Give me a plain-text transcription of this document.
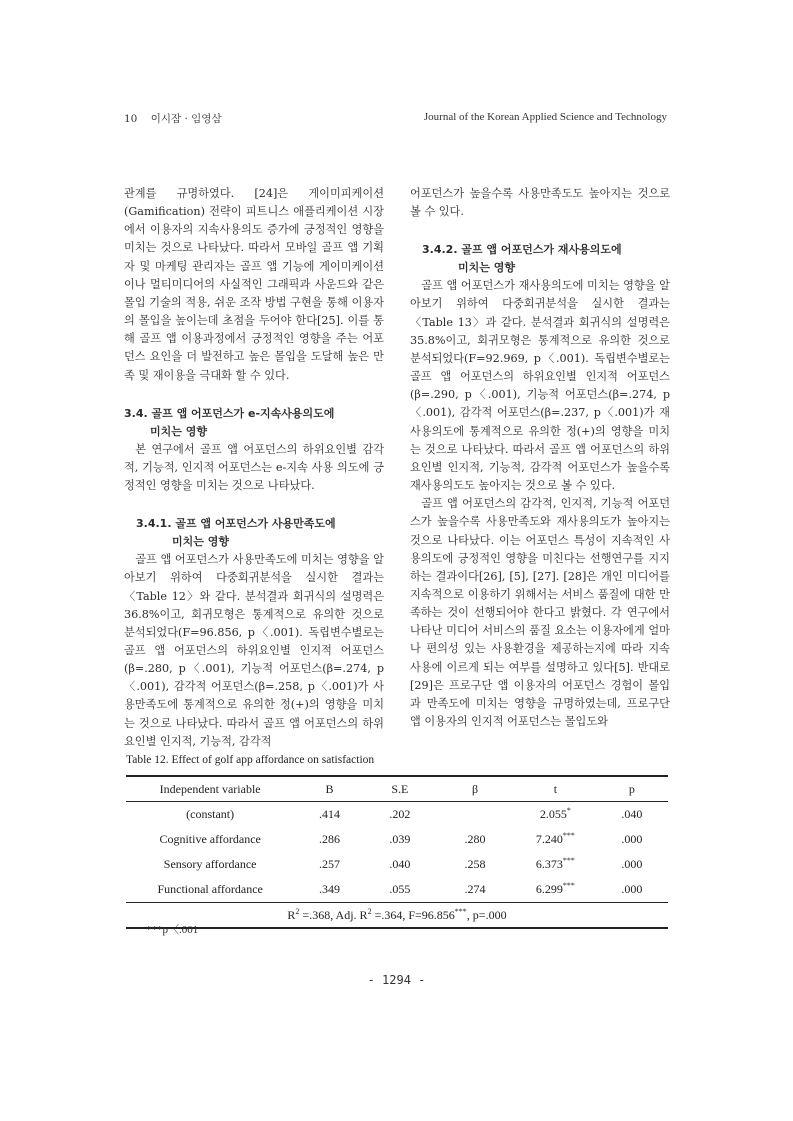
10 이시잠 · 임영삼	Journal of the Korean Applied Science and Technology

관계를 규명하였다. [24]은 게이미피케이션(Gamification) 전략이 피트니스 애플리케이션 시장에서 이용자의 지속사용의도 증가에 긍정적인 영향을 미치는 것으로 나타났다. 따라서 모바일 골프 앱 기획자 및 마케팅 관리자는 골프 앱 기능에 게이미케이션이나 멀티미디어의 사실적인 그래픽과 사운드와 같은 몰입 기술의 적용, 쉬운 조작 방법 구현을 통해 이용자의 몰입을 높이는데 초점을 두어야 한다[25]. 이를 통해 골프 앱 이용과정에서 긍정적인 영향을 주는 어포던스 요인을 더 발전하고 높은 몰입을 도달해 높은 만족 및 재이용을 극대화 할 수 있다.

3.4. 골프 앱 어포던스가 e-지속사용의도에
미치는 영향

본 연구에서 골프 앱 어포던스의 하위요인별 감각적, 기능적, 인지적 어포던스는 e-지속 사용 의도에 긍정적인 영향을 미치는 것으로 나타났다.

3.4.1. 골프 앱 어포던스가 사용만족도에
미치는 영향

골프 앱 어포던스가 사용만족도에 미치는 영향을 알아보기 위하여 다중회귀분석을 실시한 결과는 〈Table 12〉와 같다. 분석결과 회귀식의 설명력은 36.8%이고, 회귀모형은 통계적으로 유의한 것으로 분석되었다(F=96.856, p〈.001). 독립변수별로는 골프 앱 어포던스의 하위요인별 인지적 어포던스(β=.280, p〈.001), 기능적 어포던스(β=.274, p〈.001), 감각적 어포던스(β=.258, p〈.001)가 사용만족도에 통계적으로 유의한 정(+)의 영향을 미치는 것으로 나타났다. 따라서 골프 앱 어포던스의 하위요인별 인지적, 기능적, 감각적

어포던스가 높을수록 사용만족도도 높아지는 것으로 볼 수 있다.

3.4.2. 골프 앱 어포던스가 재사용의도에
미치는 영향

골프 앱 어포던스가 재사용의도에 미치는 영향을 알아보기 위하여 다중회귀분석을 실시한 결과는 〈Table 13〉과 같다. 분석결과 회귀식의 설명력은 35.8%이고, 회귀모형은 통계적으로 유의한 것으로 분석되었다(F=92.969, p〈.001). 독립변수별로는 골프 앱 어포던스의 하위요인별 인지적 어포던스(β=.290, p〈.001), 기능적 어포던스(β=.274, p〈.001), 감각적 어포던스(β=.237, p〈.001)가 재사용의도에 통계적으로 유의한 정(+)의 영향을 미치는 것으로 나타났다. 따라서 골프 앱 어포던스의 하위요인별 인지적, 기능적, 감각적 어포던스가 높을수록 재사용의도도 높아지는 것으로 볼 수 있다.

골프 앱 어포던스의 감각적, 인지적, 기능적 어포던스가 높을수록 사용만족도와 재사용의도가 높아지는 것으로 나타났다. 이는 어포던스 특성이 지속적인 사용의도에 긍정적인 영향을 미친다는 선행연구를 지지하는 결과이다[26], [5], [27]. [28]은 개인 미디어를 지속적으로 이용하기 위해서는 서비스 품질에 대한 만족하는 것이 선행되어야 한다고 밝혔다. 각 연구에서 나타난 미디어 서비스의 품질 요소는 이용자에게 얼마나 편의성 있는 사용환경을 제공하는지에 따라 지속 사용에 이르게 되는 여부를 설명하고 있다[5]. 반대로 [29]은 프로구단 앱 이용자의 어포던스 경험이 몰입과 만족도에 미치는 영향을 규명하였는데, 프로구단 앱 이용자의 인지적 어포던스는 몰입도와

Table 12. Effect of golf app affordance on satisfaction
Independent variable	B	S.E	β	t	p
(constant)	.414	.202		2.055*	.040
Cognitive affordance	.286	.039	.280	7.240***	.000
Sensory affordance	.257	.040	.258	6.373***	.000
Functional affordance	.349	.055	.274	6.299***	.000
$R^2 =.368$, Adj. $R^2 =.364$, F=96.856***, p=.000					
***p〈.001
- 1294 -
